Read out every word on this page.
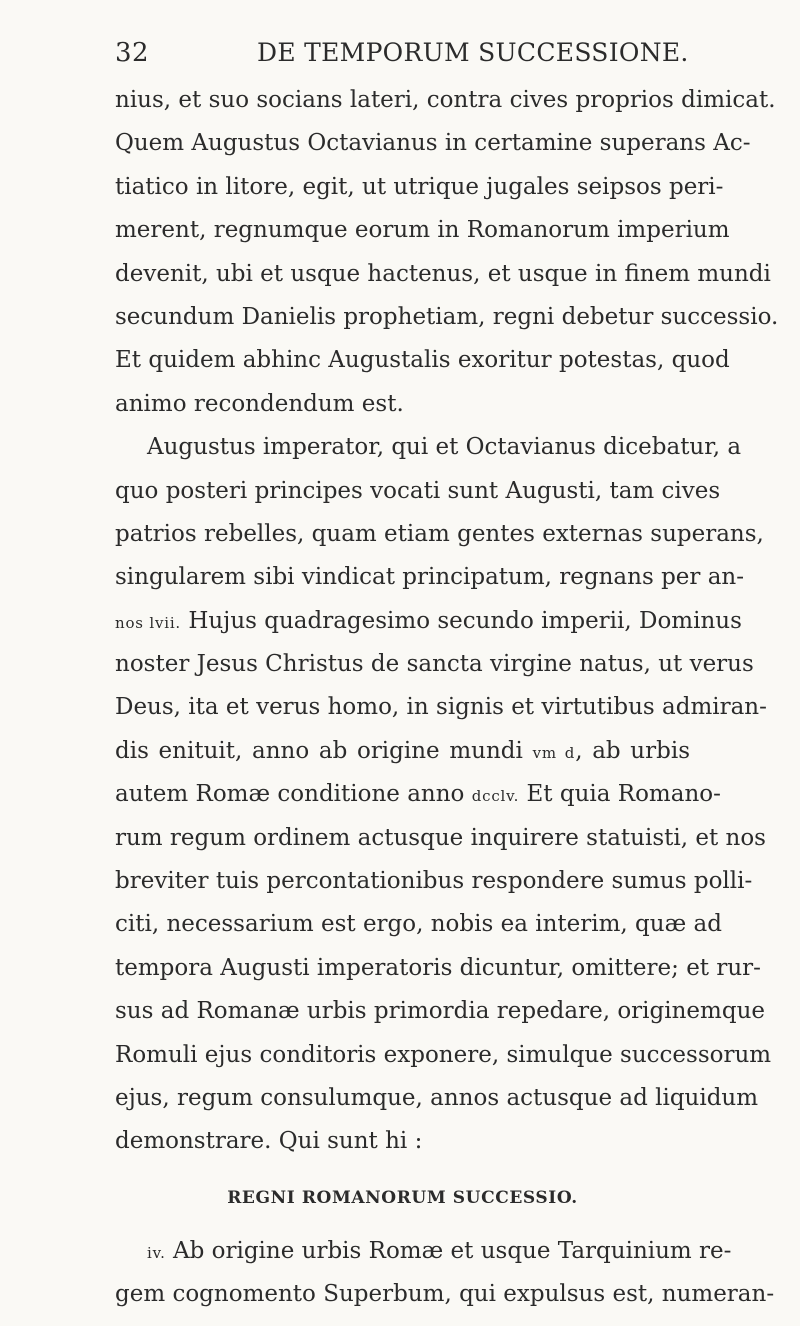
32	DE TEMPORUM SUCCESSIONE.
nius, et suo socians lateri, contra cives proprios dimicat.
Quem Augustus Octavianus in certamine superans Ac-
tiatico in litore, egit, ut utrique jugales seipsos peri-
merent, regnumque eorum in Romanorum imperium
devenit, ubi et usque hactenus, et usque in finem mundi
secundum Danielis prophetiam, regni debetur successio.
Et quidem abhinc Augustalis exoritur potestas, quod
animo recondendum est.
Augustus imperator, qui et Octavianus dicebatur, a
quo posteri principes vocati sunt Augusti, tam cives
patrios rebelles, quam etiam gentes externas superans,
singularem sibi vindicat principatum, regnans per an-
nos lvii. Hujus quadragesimo secundo imperii, Dominus
noster Jesus Christus de sancta virgine natus, ut verus
Deus, ita et verus homo, in signis et virtutibus admiran-
dis enituit, anno ab origine mundi vm d, ab urbis
autem Romæ conditione anno dcclv. Et quia Romano-
rum regum ordinem actusque inquirere statuisti, et nos
breviter tuis percontationibus respondere sumus polli-
citi, necessarium est ergo, nobis ea interim, quæ ad
tempora Augusti imperatoris dicuntur, omittere; et rur-
sus ad Romanæ urbis primordia repedare, originemque
Romuli ejus conditoris exponere, simulque successorum
ejus, regum consulumque, annos actusque ad liquidum
demonstrare. Qui sunt hi :
REGNI ROMANORUM SUCCESSIO.
iv. Ab origine urbis Romæ et usque Tarquinium re-
gem cognomento Superbum, qui expulsus est, numeran-
